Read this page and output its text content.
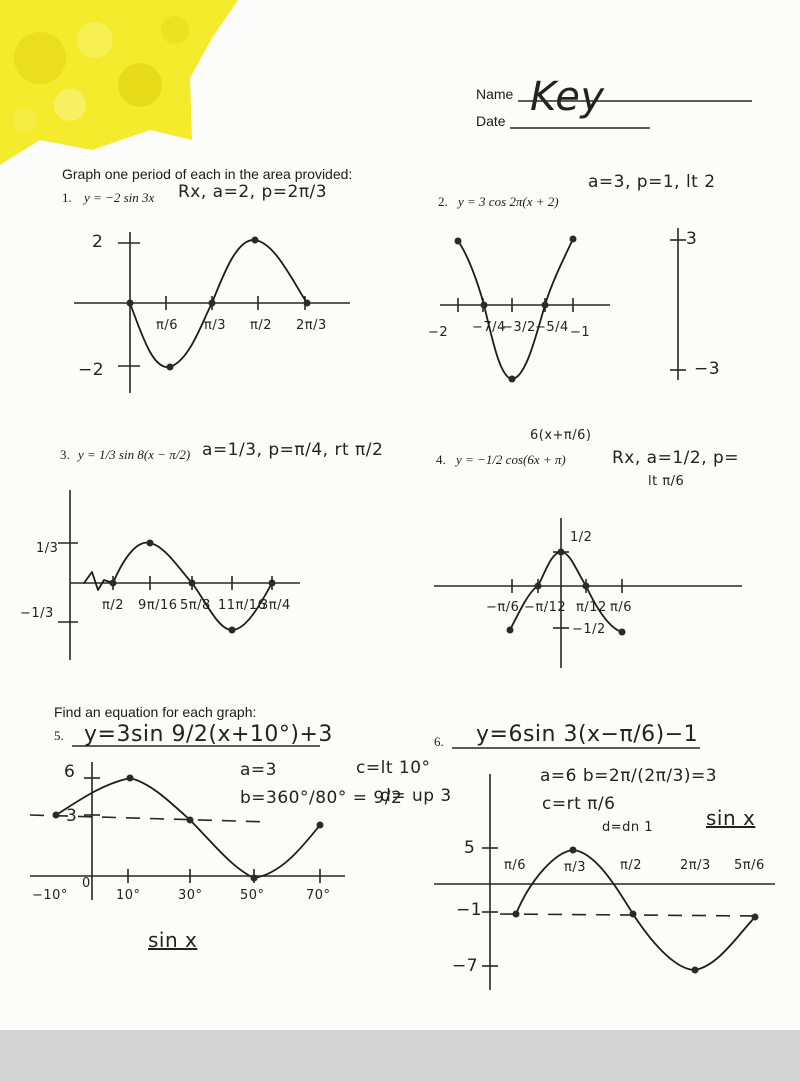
Name
Date
Key
Graph one period of each in the area provided:
1. y = −2 sin 3x Rx, a=2, p=2π/3	2. y = 3 cos 2π(x + 2)
a=3, p=1, lt 2
2
−2
π/6 π/3 π/2 2π/3	−2 −7/4
−3/2 −5/4 −1
3
−3
3. y = 1/3 sin 8(x − π/2) a=1/3, p=π/4, rt π/2
6(x+π/6)
4. y = −1/2 cos(6x + π)	Rx, a=1/2, p=
lt π/6
1/3
−1/3
π/2 9π/16 5π/8 11π/16
3π/4
1/2
−1/2
−π/6 −π/12 π/12 π/6
Find an equation for each graph:
5. y=3sin 9/2(x+10°)+3
a=3
b=360°/80° = 9/2
c=lt 10°
d= up 3
sin x
6. y=6sin 3(x−π/6)−1
a=6 b=2π/(2π/3)=3
c=rt π/6
d=dn 1	sin x
6
3
−10°
0
10°	30°	50°	70°
5
−1
−7
π/6	π/3	π/2	2π/3 5π/6
